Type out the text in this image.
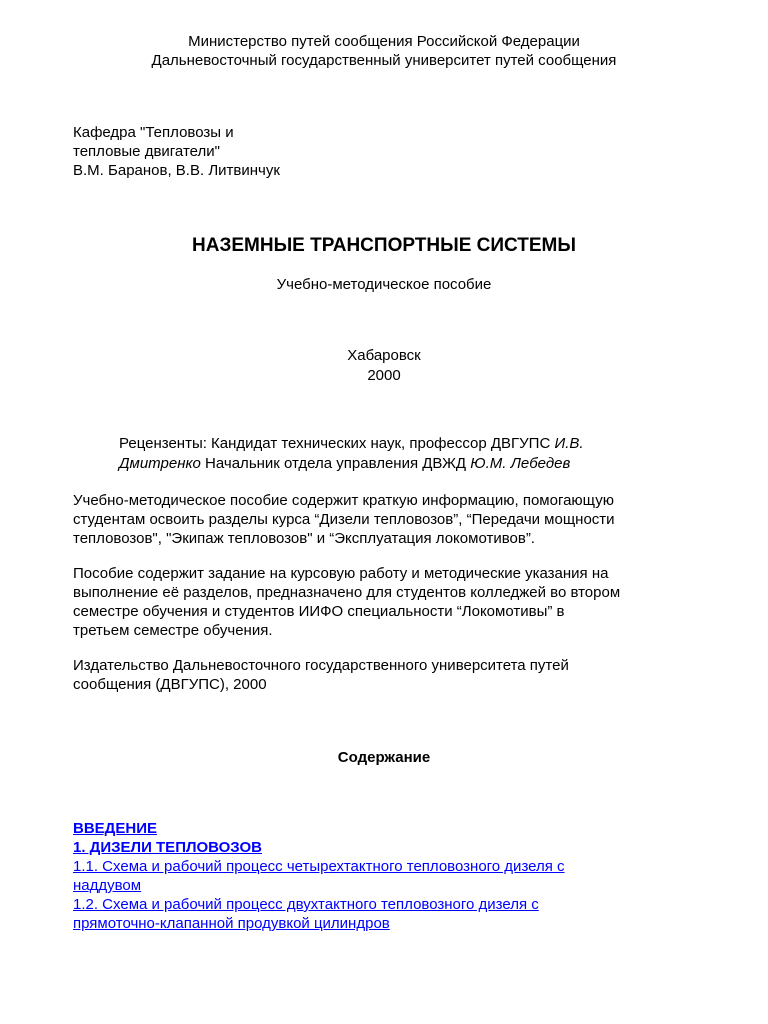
Министерство путей сообщения Российской Федерации
Дальневосточный государственный университет путей сообщения
Кафедра "Тепловозы и
тепловые двигатели"
В.М. Баранов, В.В. Литвинчук
НАЗЕМНЫЕ ТРАНСПОРТНЫЕ СИСТЕМЫ
Учебно-методическое пособие
Хабаровск
2000
Рецензенты: Кандидат технических наук, профессор ДВГУПС И.В.
Дмитренко Начальник отдела управления ДВЖД Ю.М. Лебедев
Учебно-методическое пособие содержит краткую информацию, помогающую
студентам освоить разделы курса “Дизели тепловозов”, “Передачи мощности
тепловозов", "Экипаж тепловозов" и “Эксплуатация локомотивов”.
Пособие содержит задание на курсовую работу и методические указания на
выполнение её разделов, предназначено для студентов колледжей во втором
семестре обучения и студентов ИИФО специальности “Локомотивы” в
третьем семестре обучения.
Издательство Дальневосточного государственного университета путей
сообщения (ДВГУПС), 2000
Содержание
ВВЕДЕНИЕ
1. ДИЗЕЛИ ТЕПЛОВОЗОВ
1.1. Схема и рабочий процесс четырехтактного тепловозного дизеля с
наддувом
1.2. Схема и рабочий процесс двухтактного тепловозного дизеля с
прямоточно-клапанной продувкой цилиндров
